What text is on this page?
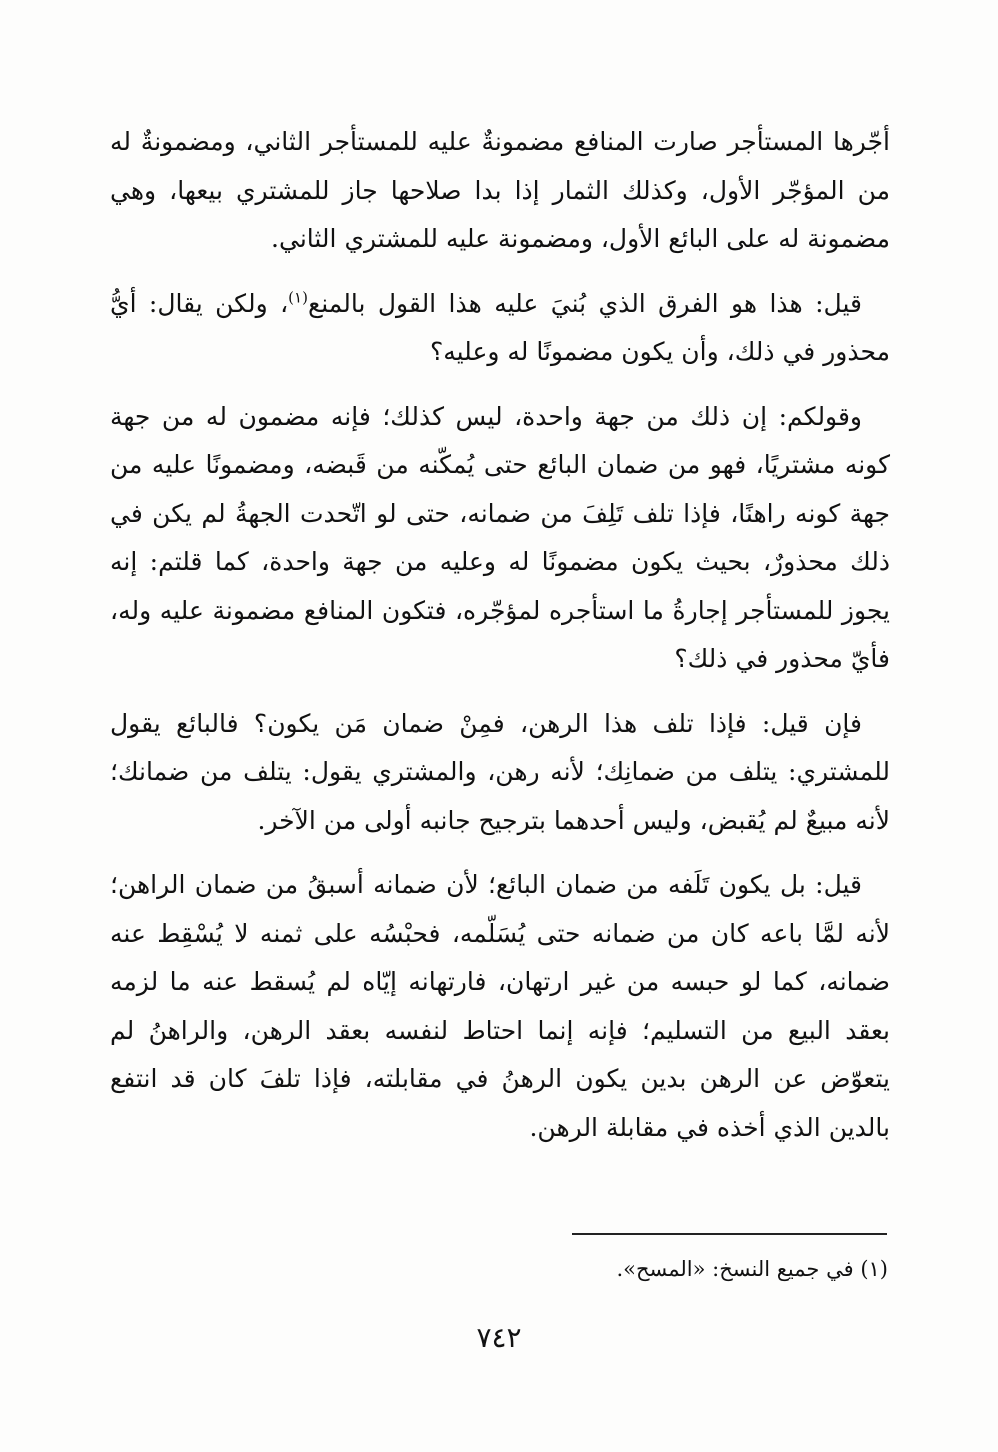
أجّرها المستأجر صارت المنافع مضمونةٌ عليه للمستأجر الثاني، ومضمونةٌ له من المؤجّر الأول، وكذلك الثمار إذا بدا صلاحها جاز للمشتري بيعها، وهي مضمونة له على البائع الأول، ومضمونة عليه للمشتري الثاني.

قيل: هذا هو الفرق الذي بُنيَ عليه هذا القول بالمنع$^{(١)}$، ولكن يقال: أيُّ محذور في ذلك، وأن يكون مضمونًا له وعليه؟

وقولكم: إن ذلك من جهة واحدة، ليس كذلك؛ فإنه مضمون له من جهة كونه مشتريًا، فهو من ضمان البائع حتى يُمكّنه من قَبضه، ومضمونًا عليه من جهة كونه راهنًا، فإذا تلف تَلِفَ من ضمانه، حتى لو اتّحدت الجهةُ لم يكن في ذلك محذورٌ، بحيث يكون مضمونًا له وعليه من جهة واحدة، كما قلتم: إنه يجوز للمستأجر إجارةُ ما استأجره لمؤجّره، فتكون المنافع مضمونة عليه وله، فأيّ محذور في ذلك؟

فإن قيل: فإذا تلف هذا الرهن، فمِنْ ضمان مَن يكون؟ فالبائع يقول للمشتري: يتلف من ضمانِك؛ لأنه رهن، والمشتري يقول: يتلف من ضمانك؛ لأنه مبيعٌ لم يُقبض، وليس أحدهما بترجيح جانبه أولى من الآخر.

قيل: بل يكون تَلَفه من ضمان البائع؛ لأن ضمانه أسبقُ من ضمان الراهن؛ لأنه لمَّا باعه كان من ضمانه حتى يُسَلّمه، فحبْسُه على ثمنه لا يُسْقِط عنه ضمانه، كما لو حبسه من غير ارتهان، فارتهانه إيّاه لم يُسقط عنه ما لزمه بعقد البيع من التسليم؛ فإنه إنما احتاط لنفسه بعقد الرهن، والراهنُ لم يتعوّض عن الرهن بدين يكون الرهنُ في مقابلته، فإذا تلفَ كان قد انتفع بالدين الذي أخذه في مقابلة الرهن.

(١) في جميع النسخ: «المسح».
٧٤٢
